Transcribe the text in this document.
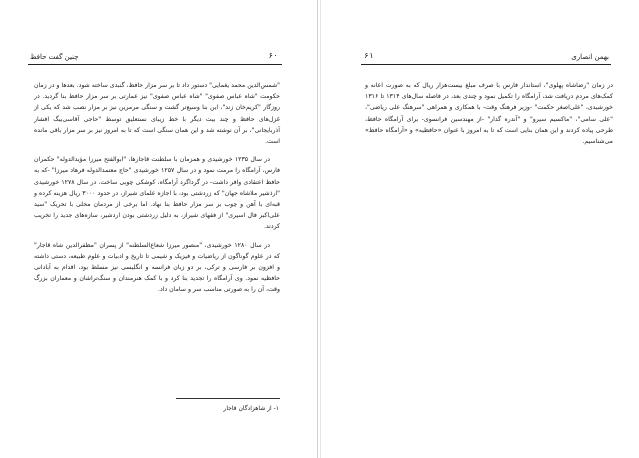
۶۰
چنین گفت حافظ

"شمس‌الدین محمد یغمایی" دستور داد تا بر سر مزار حافظ، گنبدی ساخته شود. بعدها و در زمان حکومت "شاه عباس صفوی" "شاه عباس صفوی" نیز عمارتی بر سر مزار حافظ بنا گردید. در روزگار "کریم‌خان زند"، این بنا وسیع‌تر گشت و سنگی مرمرین نیز بر مزار نصب شد که یکی از غزل‌های حافظ و چند بیت دیگر با خط زیبای نستعلیق توسط "حاجی آقاسی‌بیگ افشار آذربایجانی"، بر آن نوشته شد و این همان سنگی است که تا به امروز نیز بر سر مزار باقی مانده است.

در سال ۱۲۳۵ خورشیدی و همزمان با سلطنت قاجارها، "ابوالفتح میرزا مؤیدالدوله" حکمران فارس، آرامگاه را مرمت نمود و در سال ۱۲۵۷ خورشیدی "حاج معتمدالدوله فرهاد میرزا" -که به حافظ اعتقادی وافر داشت- در گرداگرد آرامگاه، کوشکی چوبی ساخت. در سال ۱۲۷۸ خورشیدی "ارذشیر ملاشاه جهان" که زردشتی بود، با اجازه علمای شیراز، در حدود ۳۰۰۰ ریال هزینه کرده و قبه‌ای با آهن و چوب بر سر مزار حافظ بنا نهاد. اما برخی از مردمان محلی با تحریک "سید علی‌اکبر فال اسیری" از فقهای شیراز، به دلیل زردشتی بودن اردشیر، سازه‌های جدید را تخریب کردند.

در سال ۱۲۸۰ خورشیدی، "منصور میرزا شعاع‌السلطنه" از پسران "مظفرالدین شاه قاجار" که در علوم گوناگون از ریاضیات و فیزیک و شیمی تا تاریخ و ادبیات و علوم طبیعه، دستی داشته و افزون بر فارسی و ترکی، بر دو زبان فرانسه و انگلیسی نیز مسلط بود، اقدام به آبادانی حافظیه نمود. وی آرامگاه را تجدید بنا کرد و با کمک هنرمندان و سنگ‌تراشان و معماران بزرگ وقت، آن را به صورتی مناسب سر و سامان داد.

۱- از شاهزادگان قاجار
۶۱	بهمن انصاری

در زمان "رضاشاه پهلوی"، استاندار فارس با صرف مبلغ بیست‌هزار ریال که به صورت اعانه و کمک‌های مردم دریافت شد، آرامگاه را تکمیل نمود و چندی بعد، در فاصله سال‌های ۱۳۱۴ تا ۱۳۱۶ خورشیدی، "علی‌اصغر حکمت" -وزیر فرهنگ وقت- با همکاری و همراهی "سرهنگ علی ریاضی"، "علی سامی"، "ماکسیم سیرو" و "آندره گدار" -از مهندسین فرانسوی- برای آرامگاه حافظ، طرحی پیاده کردند و این همان بنایی است که تا به امروز با عنوان «حافظیه» و «آرامگاه حافظ» می‌شناسیم.
